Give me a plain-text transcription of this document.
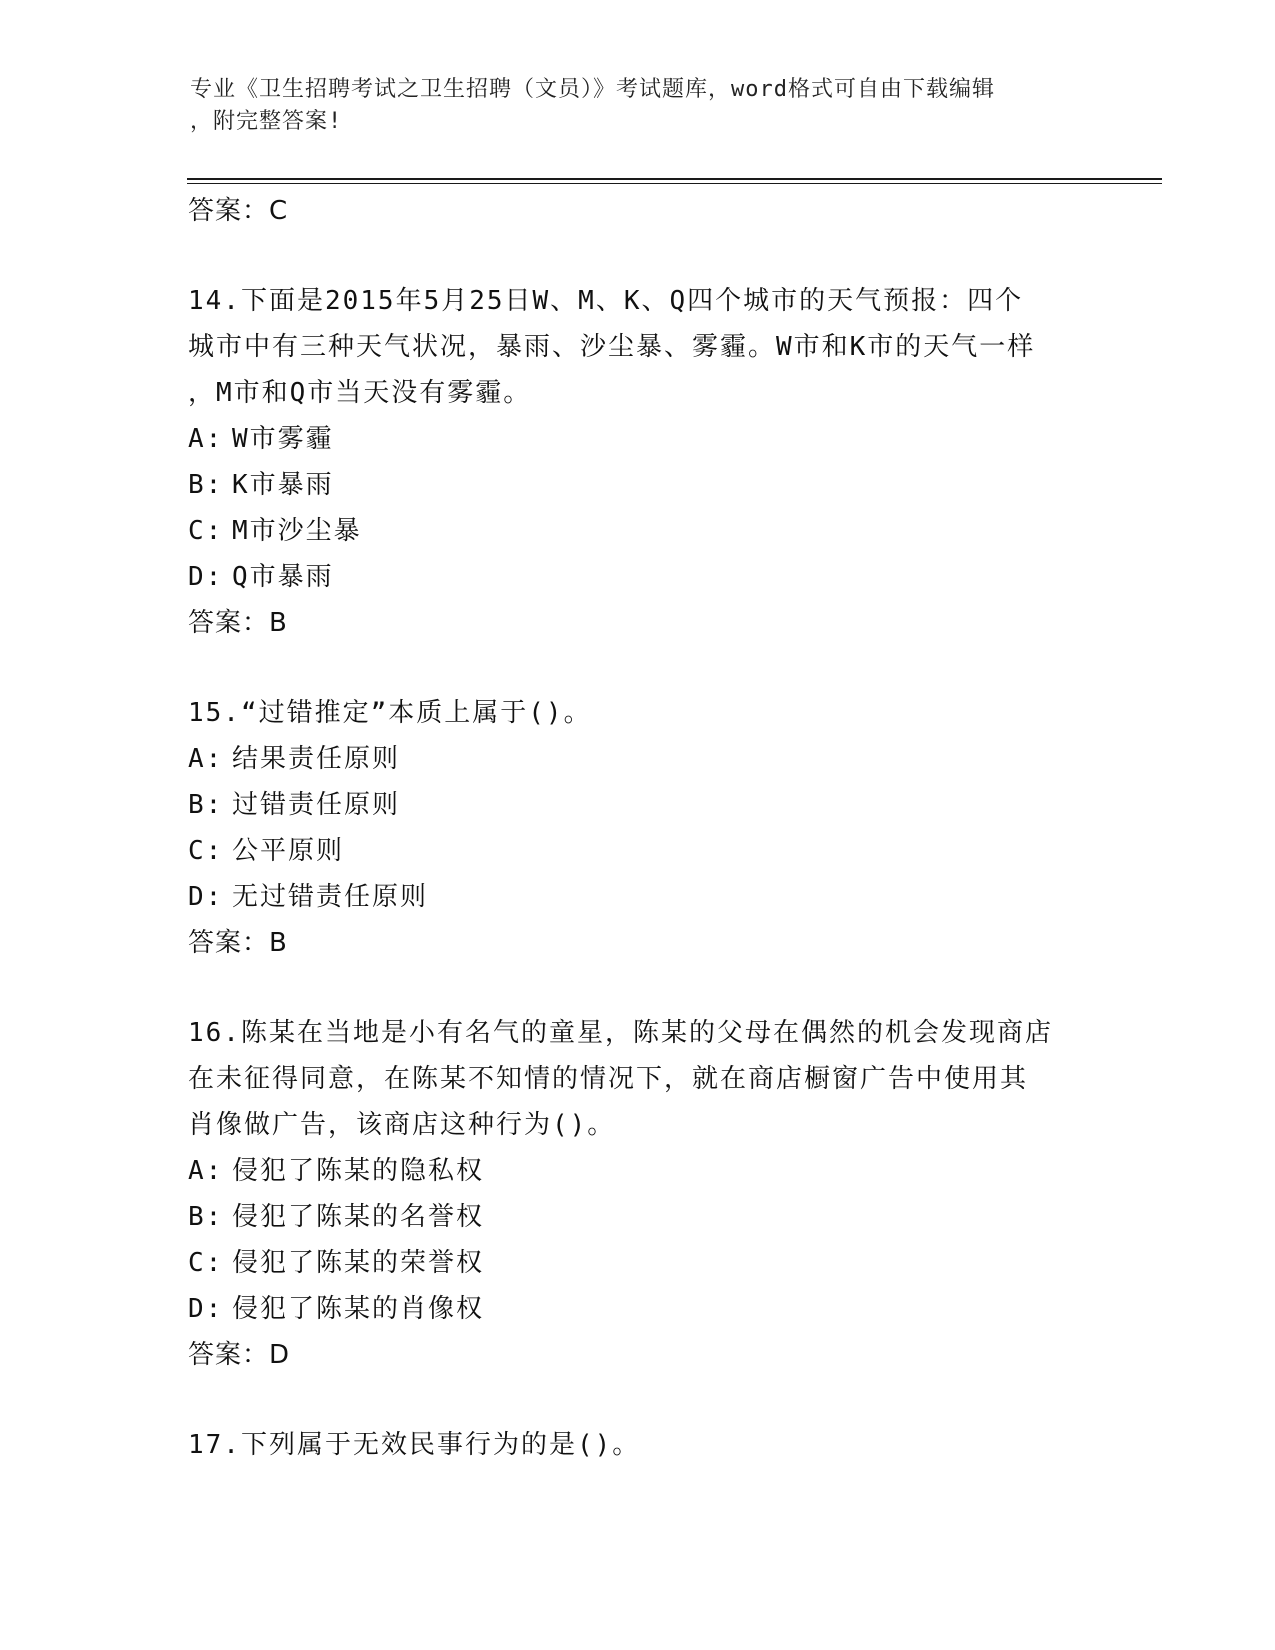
专业《卫生招聘考试之卫生招聘（文员）》考试题库，word格式可自由下载编辑
，附完整答案!

答案：C

14.下面是2015年5月25日W、M、K、Q四个城市的天气预报：四个

城市中有三种天气状况，暴雨、沙尘暴、雾霾。W市和K市的天气一样

，M市和Q市当天没有雾霾。

A: W市雾霾

B: K市暴雨

C: M市沙尘暴

D: Q市暴雨

答案：B

15.“过错推定”本质上属于()。

A: 结果责任原则

B: 过错责任原则

C: 公平原则

D: 无过错责任原则

答案：B

16.陈某在当地是小有名气的童星，陈某的父母在偶然的机会发现商店

在未征得同意，在陈某不知情的情况下，就在商店橱窗广告中使用其

肖像做广告，该商店这种行为()。

A: 侵犯了陈某的隐私权

B: 侵犯了陈某的名誉权

C: 侵犯了陈某的荣誉权

D: 侵犯了陈某的肖像权

答案：D

17.下列属于无效民事行为的是()。
